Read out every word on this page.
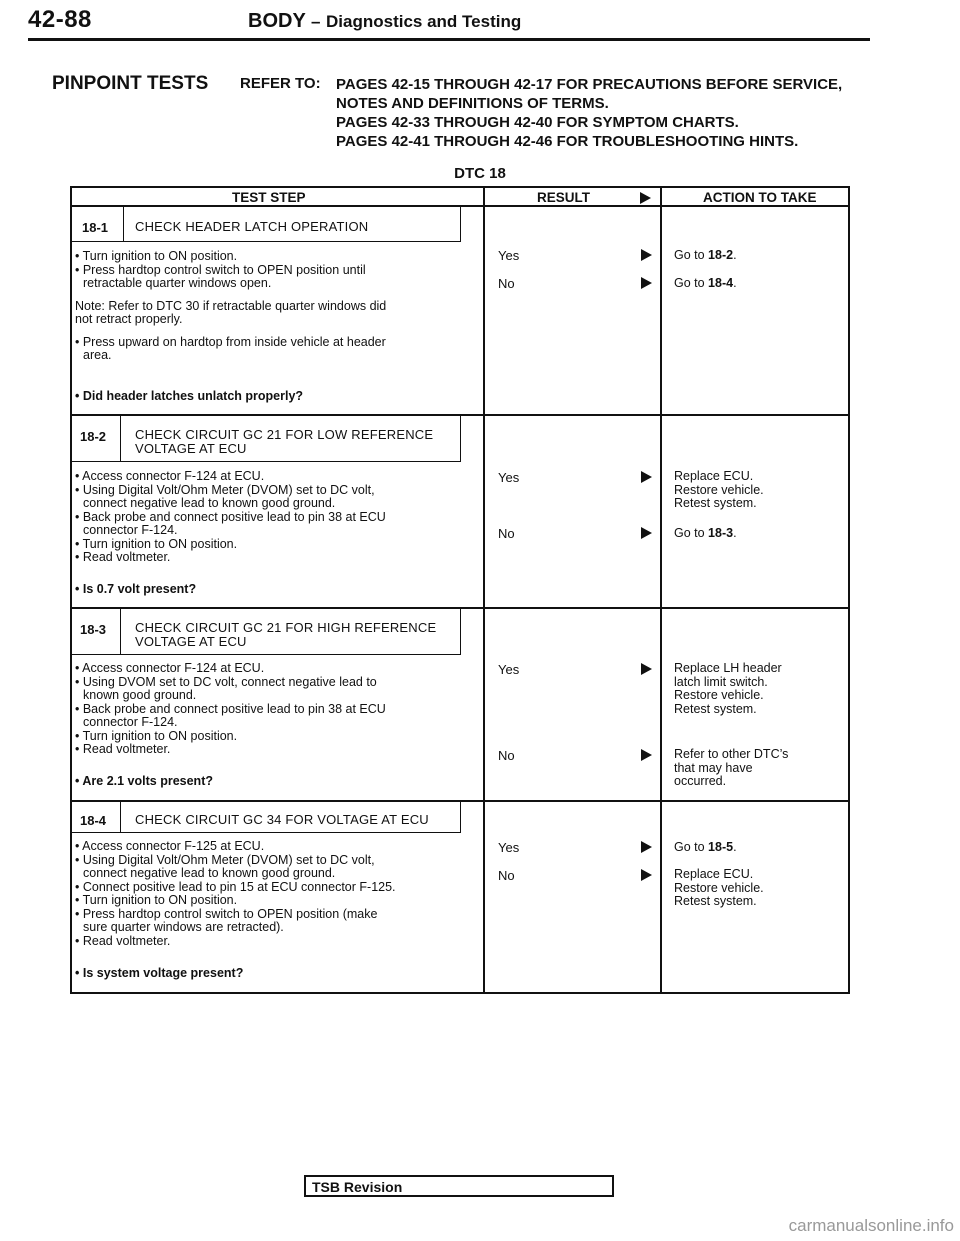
42-88	BODY – Diagnostics and Testing
PINPOINT TESTS REFER TO: PAGES 42-15 THROUGH 42-17 FOR PRECAUTIONS BEFORE SERVICE,
NOTES AND DEFINITIONS OF TERMS.
PAGES 42-33 THROUGH 42-40 FOR SYMPTOM CHARTS.
PAGES 42-41 THROUGH 42-46 FOR TROUBLESHOOTING HINTS.
DTC 18
TEST STEP	RESULT	ACTION TO TAKE
18-1 CHECK HEADER LATCH OPERATION
• Turn ignition to ON position.
• Press hardtop control switch to OPEN position until
retractable quarter windows open.
Note: Refer to DTC 30 if retractable quarter windows did
not retract properly.
• Press upward on hardtop from inside vehicle at header
area.
• Did header latches unlatch properly?
Yes	Go to 18-2.
No	Go to 18-4.
18-2 CHECK CIRCUIT GC 21 FOR LOW REFERENCE
VOLTAGE AT ECU
• Access connector F-124 at ECU.
• Using Digital Volt/Ohm Meter (DVOM) set to DC volt,
connect negative lead to known good ground.
• Back probe and connect positive lead to pin 38 at ECU
connector F-124.
• Turn ignition to ON position.
• Read voltmeter.
• Is 0.7 volt present?
Yes	Replace ECU.
Restore vehicle.
Retest system.
No	Go to 18-3.
18-3 CHECK CIRCUIT GC 21 FOR HIGH REFERENCE
VOLTAGE AT ECU
• Access connector F-124 at ECU.
• Using DVOM set to DC volt, connect negative lead to
known good ground.
• Back probe and connect positive lead to pin 38 at ECU
connector F-124.
• Turn ignition to ON position.
• Read voltmeter.
• Are 2.1 volts present?
Yes	Replace LH header
latch limit switch.
Restore vehicle.
Retest system.
No	Refer to other DTC’s
that may have
occurred.
18-4 CHECK CIRCUIT GC 34 FOR VOLTAGE AT ECU
• Access connector F-125 at ECU.
• Using Digital Volt/Ohm Meter (DVOM) set to DC volt,
connect negative lead to known good ground.
• Connect positive lead to pin 15 at ECU connector F-125.
• Turn ignition to ON position.
• Press hardtop control switch to OPEN position (make
sure quarter windows are retracted).
• Read voltmeter.
• Is system voltage present?
Yes	Go to 18-5.
No	Replace ECU.
Restore vehicle.
Retest system.
TSB Revision
carmanualsonline.info
